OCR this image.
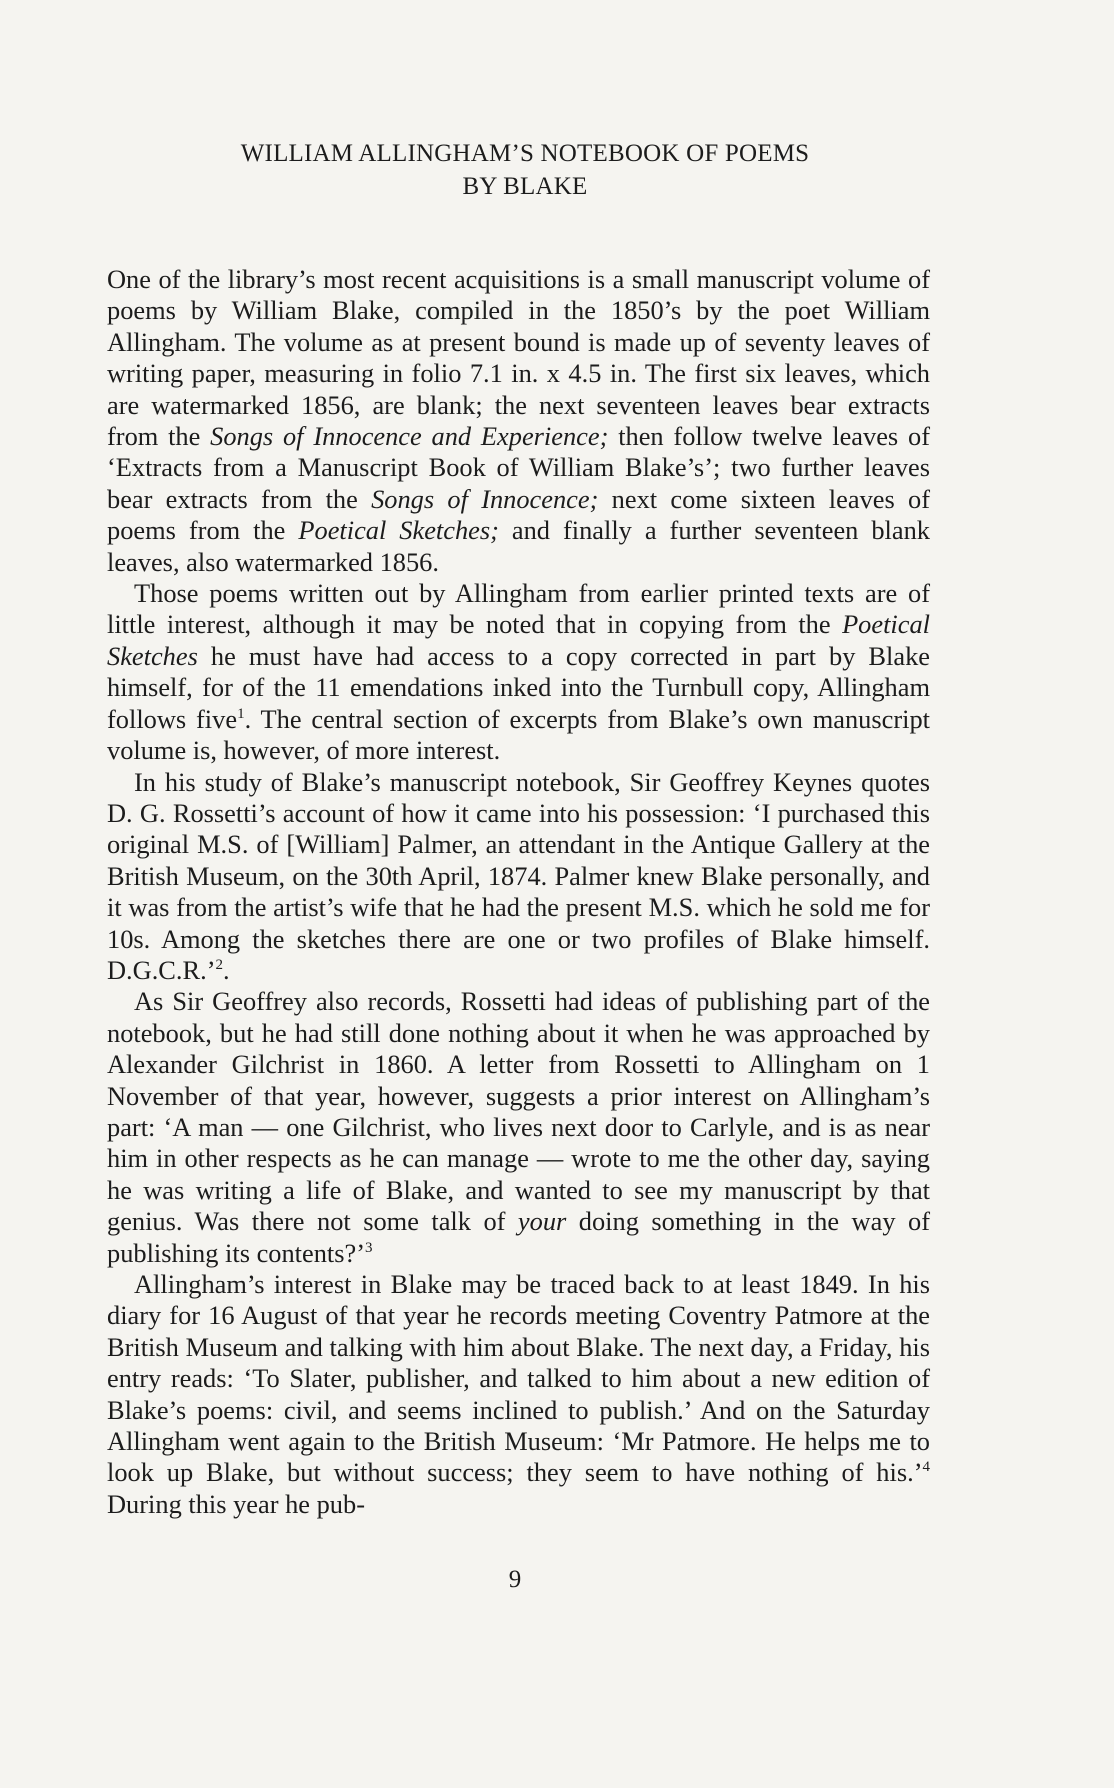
WILLIAM ALLINGHAM’S NOTEBOOK OF POEMS
BY BLAKE

One of the library’s most recent acquisitions is a small manuscript volume of poems by William Blake, compiled in the 1850’s by the poet William Allingham. The volume as at present bound is made up of seventy leaves of writing paper, measuring in folio 7.1 in. x 4.5 in. The first six leaves, which are watermarked 1856, are blank; the next seventeen leaves bear extracts from the Songs of Innocence and Experience; then follow twelve leaves of ‘Extracts from a Manuscript Book of William Blake’s’; two further leaves bear extracts from the Songs of Innocence; next come sixteen leaves of poems from the Poetical Sketches; and finally a further seventeen blank leaves, also watermarked 1856.

Those poems written out by Allingham from earlier printed texts are of little interest, although it may be noted that in copying from the Poetical Sketches he must have had access to a copy corrected in part by Blake himself, for of the 11 emendations inked into the Turnbull copy, Allingham follows five$^1$. The central section of excerpts from Blake’s own manuscript volume is, however, of more interest.

In his study of Blake’s manuscript notebook, Sir Geoffrey Keynes quotes D. G. Rossetti’s account of how it came into his possession: ‘I purchased this original M.S. of [William] Palmer, an attendant in the Antique Gallery at the British Museum, on the 30th April, 1874. Palmer knew Blake personally, and it was from the artist’s wife that he had the present M.S. which he sold me for 10s. Among the sketches there are one or two profiles of Blake himself. D.G.C.R.’$^2$.

As Sir Geoffrey also records, Rossetti had ideas of publishing part of the notebook, but he had still done nothing about it when he was approached by Alexander Gilchrist in 1860. A letter from Rossetti to Allingham on 1 November of that year, however, suggests a prior interest on Allingham’s part: ‘A man — one Gilchrist, who lives next door to Carlyle, and is as near him in other respects as he can manage — wrote to me the other day, saying he was writing a life of Blake, and wanted to see my manuscript by that genius. Was there not some talk of your doing something in the way of publishing its contents?’$^3$

Allingham’s interest in Blake may be traced back to at least 1849. In his diary for 16 August of that year he records meeting Coventry Patmore at the British Museum and talking with him about Blake. The next day, a Friday, his entry reads: ‘To Slater, publisher, and talked to him about a new edition of Blake’s poems: civil, and seems inclined to publish.’ And on the Saturday Allingham went again to the British Museum: ‘Mr Patmore. He helps me to look up Blake, but without success; they seem to have nothing of his.’$^4$ During this year he pub-

9
